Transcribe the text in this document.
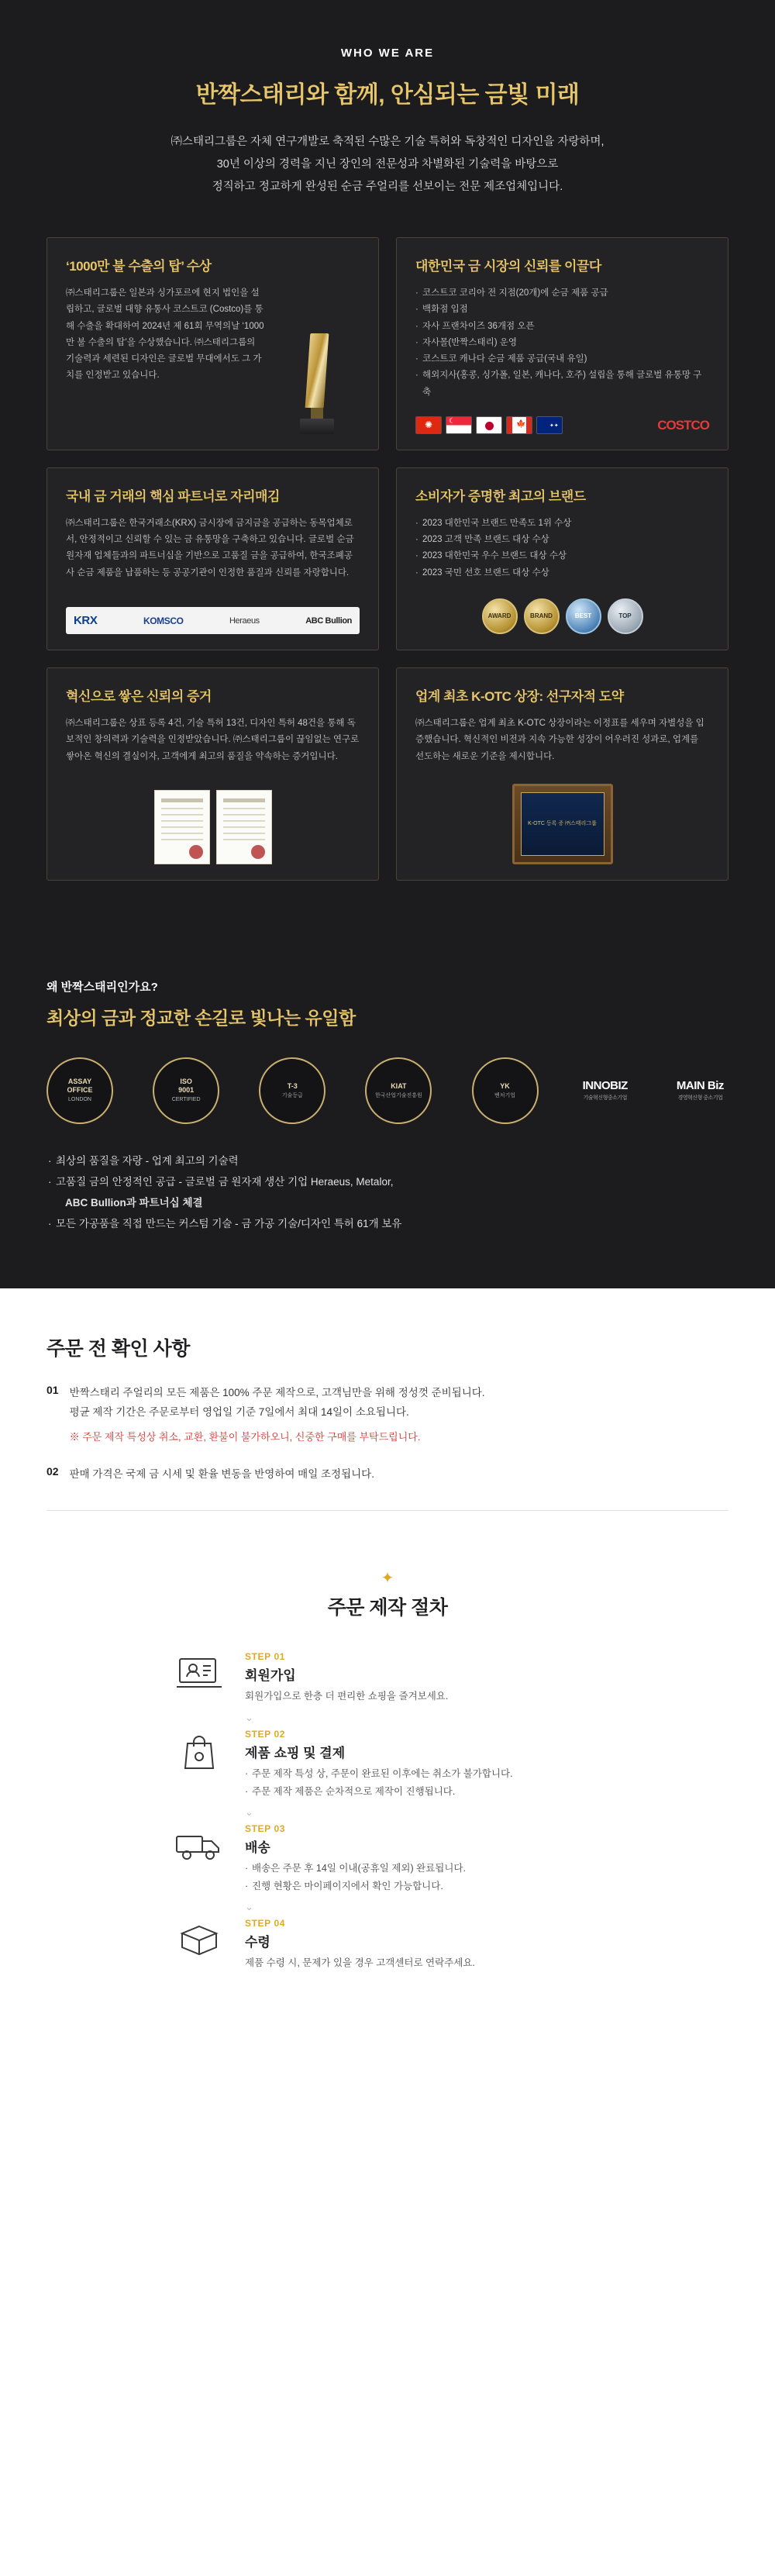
WHO WE ARE
반짝스태리와 함께, 안심되는 금빛 미래
㈜스태리그룹은 자체 연구개발로 축적된 수많은 기술 특허와 독창적인 디자인을 자랑하며,
30년 이상의 경력을 지닌 장인의 전문성과 차별화된 기술력을 바탕으로
정직하고 정교하게 완성된 순금 주얼리를 선보이는 전문 제조업체입니다.
‘1000만 불 수출의 탑’ 수상
㈜스태리그룹은 일본과 싱가포르에 현지 법인을 설립하고, 글로벌 대향 유통사 코스트코 (Costco)를 통해 수출을 확대하여 2024년 제 61회 무역의날 ‘1000만 불 수출의 탑’을 수상했습니다. ㈜스태리그룹의 기술력과 세련된 디자인은 글로벌 무대에서도 그 가치를 인정받고 있습니다.
대한민국 금 시장의 신뢰를 이끌다
· 코스트코 코리아 전 지점(20개)에 순금 제품 공급
· 백화점 입점
· 자사 프랜차이즈 36개점 오픈
· 자사몰(반짝스태리) 운영
· 코스트코 캐나다 순금 제품 공급(국내 유일)
· 해외지사(홍콩, 싱가폴, 일본, 캐나다, 호주) 설립을 통해 글로벌 유통망 구축
✺
☾
🍁
✦✦
COSTCO
국내 금 거래의 핵심 파트너로 자리매김
㈜스태리그룹은 한국거래소(KRX) 금시장에 금지금을 공급하는 동목업체로서, 안정적이고 신뢰할 수 있는 금 유통망을 구축하고 있습니다. 글로벌 순금 원자재 업체들과의 파트너십을 기반으로 고품질 금을 공급하여, 한국조폐공사 순금 제품을 납품하는 등 공공기관이 인정한 품질과 신뢰를 자랑합니다.
KRX	KOMSCO	Heraeus	ABC Bullion
소비자가 증명한 최고의 브랜드
· 2023 대한민국 브랜드 만족도 1위 수상
· 2023 고객 만족 브랜드 대상 수상
· 2023 대한민국 우수 브랜드 대상 수상
· 2023 국민 선호 브랜드 대상 수상
AWARD	BRAND	BEST	TOP
혁신으로 쌓은 신뢰의 증거
㈜스태리그룹은 상표 등록 4건, 기술 특허 13건, 디자인 특허 48건을 통해 독보적인 창의력과 기술력을 인정받았습니다. ㈜스태리그룹이 끊임없는 연구로 쌓아온 혁신의 결실이자, 고객에게 최고의 품질을 약속하는 증거입니다.
업계 최초 K-OTC 상장: 선구자적 도약
㈜스태리그룹은 업계 최초 K-OTC 상장이라는 이정표를 세우며 자별성을 입증했습니다. 혁신적인 비전과 지속 가능한 성장이 어우러진 성과로, 업계를 선도하는 새로운 기준을 제시합니다.
K-OTC 등록 증 ㈜스태리그룹
왜 반짝스태리인가요?
최상의 금과 정교한 손길로 빛나는 유일함
ASSAY
OFFICE
LONDON
ISO
9001
CERTIFIED
T-3
기술등급
KIAT
한국산업기술진흥원
YK
벤처기업
INNOBIZ
기술혁신형중소기업
MAIN Biz
경영혁신형 중소기업
· 최상의 품질을 자랑 - 업계 최고의 기술력
· 고품질 금의 안정적인 공급 - 글로벌 금 원자재 생산 기업 Heraeus, Metalor,
ABC Bullion과 파트너십 체결
· 모든 가공품을 직접 만드는 커스텀 기술 - 금 가공 기술/디자인 특허 61개 보유
주문 전 확인 사항
01 반짝스태리 주얼리의 모든 제품은 100% 주문 제작으로, 고객님만을 위해 정성껏 준비됩니다.
평균 제작 기간은 주문로부터 영업일 기준 7일에서 최대 14일이 소요됩니다.
※ 주문 제작 특성상 취소, 교환, 환불이 불가하오니, 신중한 구매를 부탁드립니다.
02 판매 가격은 국제 금 시세 및 환율 변동을 반영하여 매일 조정됩니다.
✦
주문 제작 절차
STEP 01
회원가입
회원가입으로 한층 더 편리한 쇼핑을 즐겨보세요.
⌄
STEP 02
제품 쇼핑 및 결제
· 주문 제작 특성 상, 주문이 완료된 이후에는 취소가 불가합니다.
· 주문 제작 제품은 순차적으로 제작이 진행됩니다.
⌄
STEP 03
배송
· 배송은 주문 후 14일 이내(공휴일 제외) 완료됩니다.
· 진행 현황은 마이페이지에서 확인 가능합니다.
⌄
STEP 04
수령
제품 수령 시, 문제가 있을 경우 고객센터로 연락주세요.
